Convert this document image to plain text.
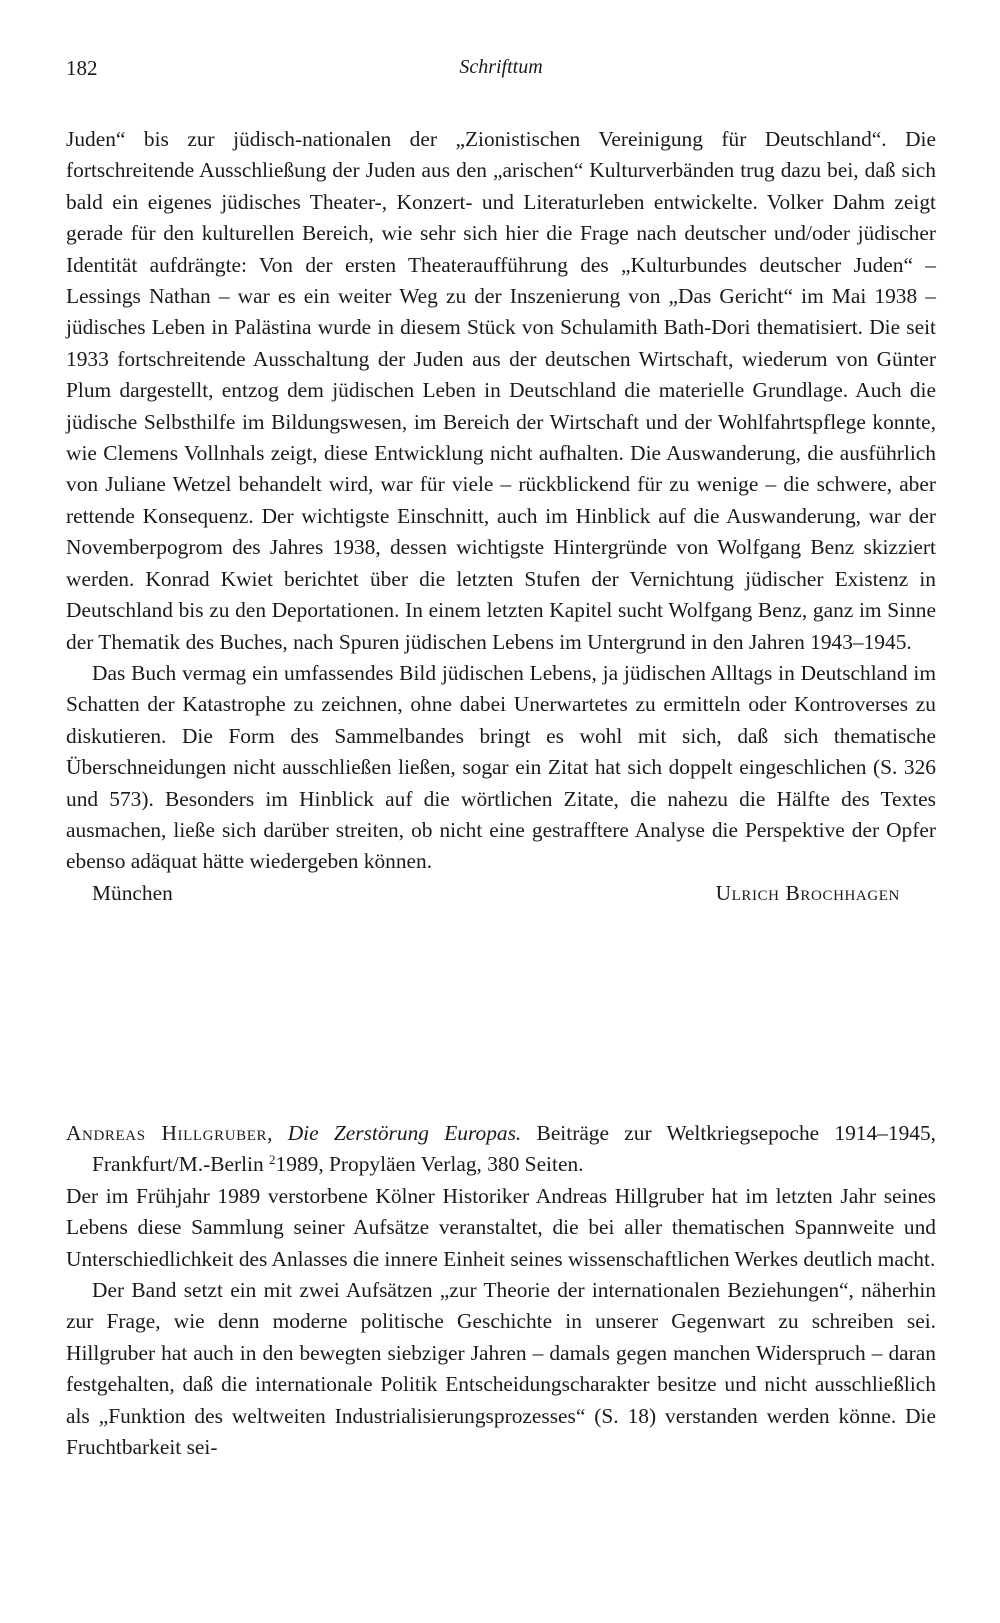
182	Schrifttum

Juden“ bis zur jüdisch-nationalen der „Zionistischen Vereinigung für Deutschland“. Die fortschreitende Ausschließung der Juden aus den „arischen“ Kulturverbänden trug dazu bei, daß sich bald ein eigenes jüdisches Theater-, Konzert- und Literaturleben entwickelte. Volker Dahm zeigt gerade für den kulturellen Bereich, wie sehr sich hier die Frage nach deutscher und/oder jüdischer Identität aufdrängte: Von der ersten Theateraufführung des „Kulturbundes deutscher Juden“ – Lessings Nathan – war es ein weiter Weg zu der Inszenierung von „Das Gericht“ im Mai 1938 – jüdisches Leben in Palästina wurde in diesem Stück von Schulamith Bath-Dori thematisiert. Die seit 1933 fortschreitende Ausschaltung der Juden aus der deutschen Wirtschaft, wiederum von Günter Plum dargestellt, entzog dem jüdischen Leben in Deutschland die materielle Grundlage. Auch die jüdische Selbsthilfe im Bildungswesen, im Bereich der Wirtschaft und der Wohlfahrtspflege konnte, wie Clemens Vollnhals zeigt, diese Entwicklung nicht aufhalten. Die Auswanderung, die ausführlich von Juliane Wetzel behandelt wird, war für viele – rückblickend für zu wenige – die schwere, aber rettende Konsequenz. Der wichtigste Einschnitt, auch im Hinblick auf die Auswanderung, war der Novemberpogrom des Jahres 1938, dessen wichtigste Hintergründe von Wolfgang Benz skizziert werden. Konrad Kwiet berichtet über die letzten Stufen der Vernichtung jüdischer Existenz in Deutschland bis zu den Deportationen. In einem letzten Kapitel sucht Wolfgang Benz, ganz im Sinne der Thematik des Buches, nach Spuren jüdischen Lebens im Untergrund in den Jahren 1943–1945.

Das Buch vermag ein umfassendes Bild jüdischen Lebens, ja jüdischen Alltags in Deutschland im Schatten der Katastrophe zu zeichnen, ohne dabei Unerwartetes zu ermitteln oder Kontroverses zu diskutieren. Die Form des Sammelbandes bringt es wohl mit sich, daß sich thematische Überschneidungen nicht ausschließen ließen, sogar ein Zitat hat sich doppelt eingeschlichen (S. 326 und 573). Besonders im Hinblick auf die wörtlichen Zitate, die nahezu die Hälfte des Textes ausmachen, ließe sich darüber streiten, ob nicht eine gestrafftere Analyse die Perspektive der Opfer ebenso adäquat hätte wiedergeben können.

München	Ulrich Brochhagen

Andreas Hillgruber, Die Zerstörung Europas. Beiträge zur Weltkriegsepoche 1914–1945, Frankfurt/M.-Berlin $^2$1989, Propyläen Verlag, 380 Seiten.

Der im Frühjahr 1989 verstorbene Kölner Historiker Andreas Hillgruber hat im letzten Jahr seines Lebens diese Sammlung seiner Aufsätze veranstaltet, die bei aller thematischen Spannweite und Unterschiedlichkeit des Anlasses die innere Einheit seines wissenschaftlichen Werkes deutlich macht.

Der Band setzt ein mit zwei Aufsätzen „zur Theorie der internationalen Beziehungen“, näherhin zur Frage, wie denn moderne politische Geschichte in unserer Gegenwart zu schreiben sei. Hillgruber hat auch in den bewegten siebziger Jahren – damals gegen manchen Widerspruch – daran festgehalten, daß die internationale Politik Entscheidungscharakter besitze und nicht ausschließlich als „Funktion des weltweiten Industrialisierungsprozesses“ (S. 18) verstanden werden könne. Die Fruchtbarkeit sei-
